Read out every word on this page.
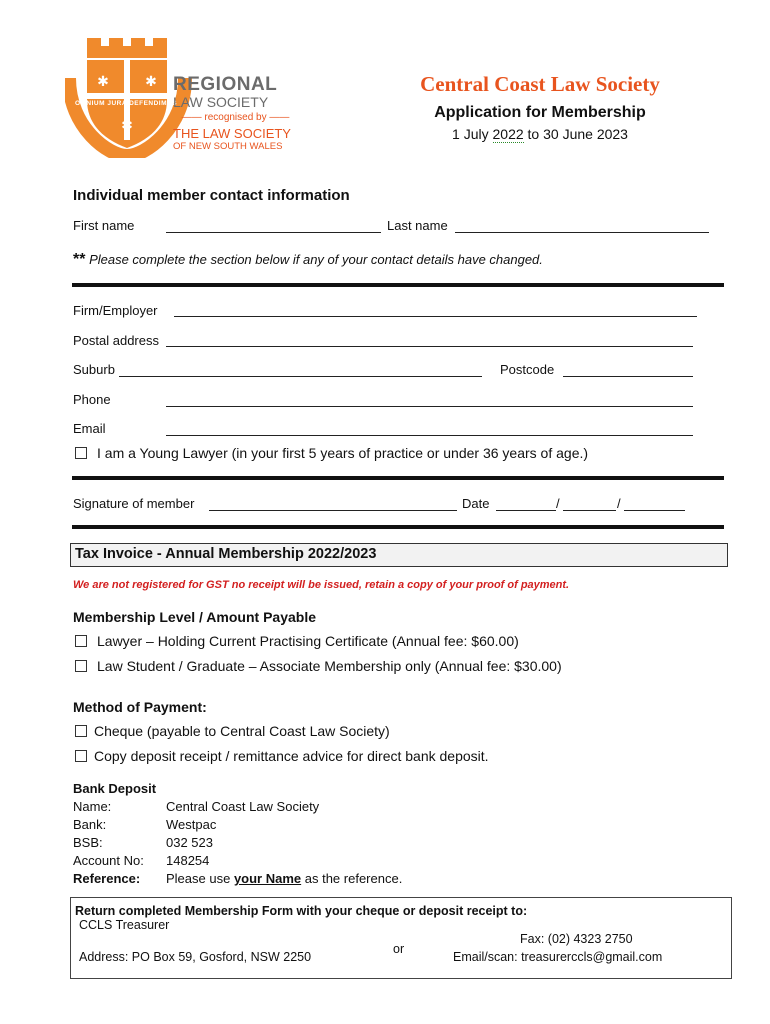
✱	✱
✱
OMNIUM JURA DEFENDIMUS
REGIONAL
LAW SOCIETY
—— recognised by ——
THE LAW SOCIETY
OF NEW SOUTH WALES
Central Coast Law Society
Application for Membership
1 July 2022 to 30 June 2023
Individual member contact information
First name	Last name
** Please complete the section below if any of your contact details have changed.
Firm/Employer
Postal address
Suburb	Postcode
Phone
Email
I am a Young Lawyer (in your first 5 years of practice or under 36 years of age.)
Signature of member	Date	/	/
Tax Invoice - Annual Membership 2022/2023
We are not registered for GST no receipt will be issued, retain a copy of your proof of payment.
Membership Level / Amount Payable
Lawyer – Holding Current Practising Certificate (Annual fee: $60.00)
Law Student / Graduate – Associate Membership only (Annual fee: $30.00)
Method of Payment:
Cheque (payable to Central Coast Law Society)
Copy deposit receipt / remittance advice for direct bank deposit.
Bank Deposit
Name:	Central Coast Law Society
Bank:	Westpac
BSB:	032 523
Account No:	148254
Reference:	Please use your Name as the reference.
Return completed Membership Form with your cheque or deposit receipt to:
CCLS Treasurer
Address: PO Box 59, Gosford, NSW 2250
or
Fax: (02) 4323 2750
Email/scan: treasurerccls@gmail.com
